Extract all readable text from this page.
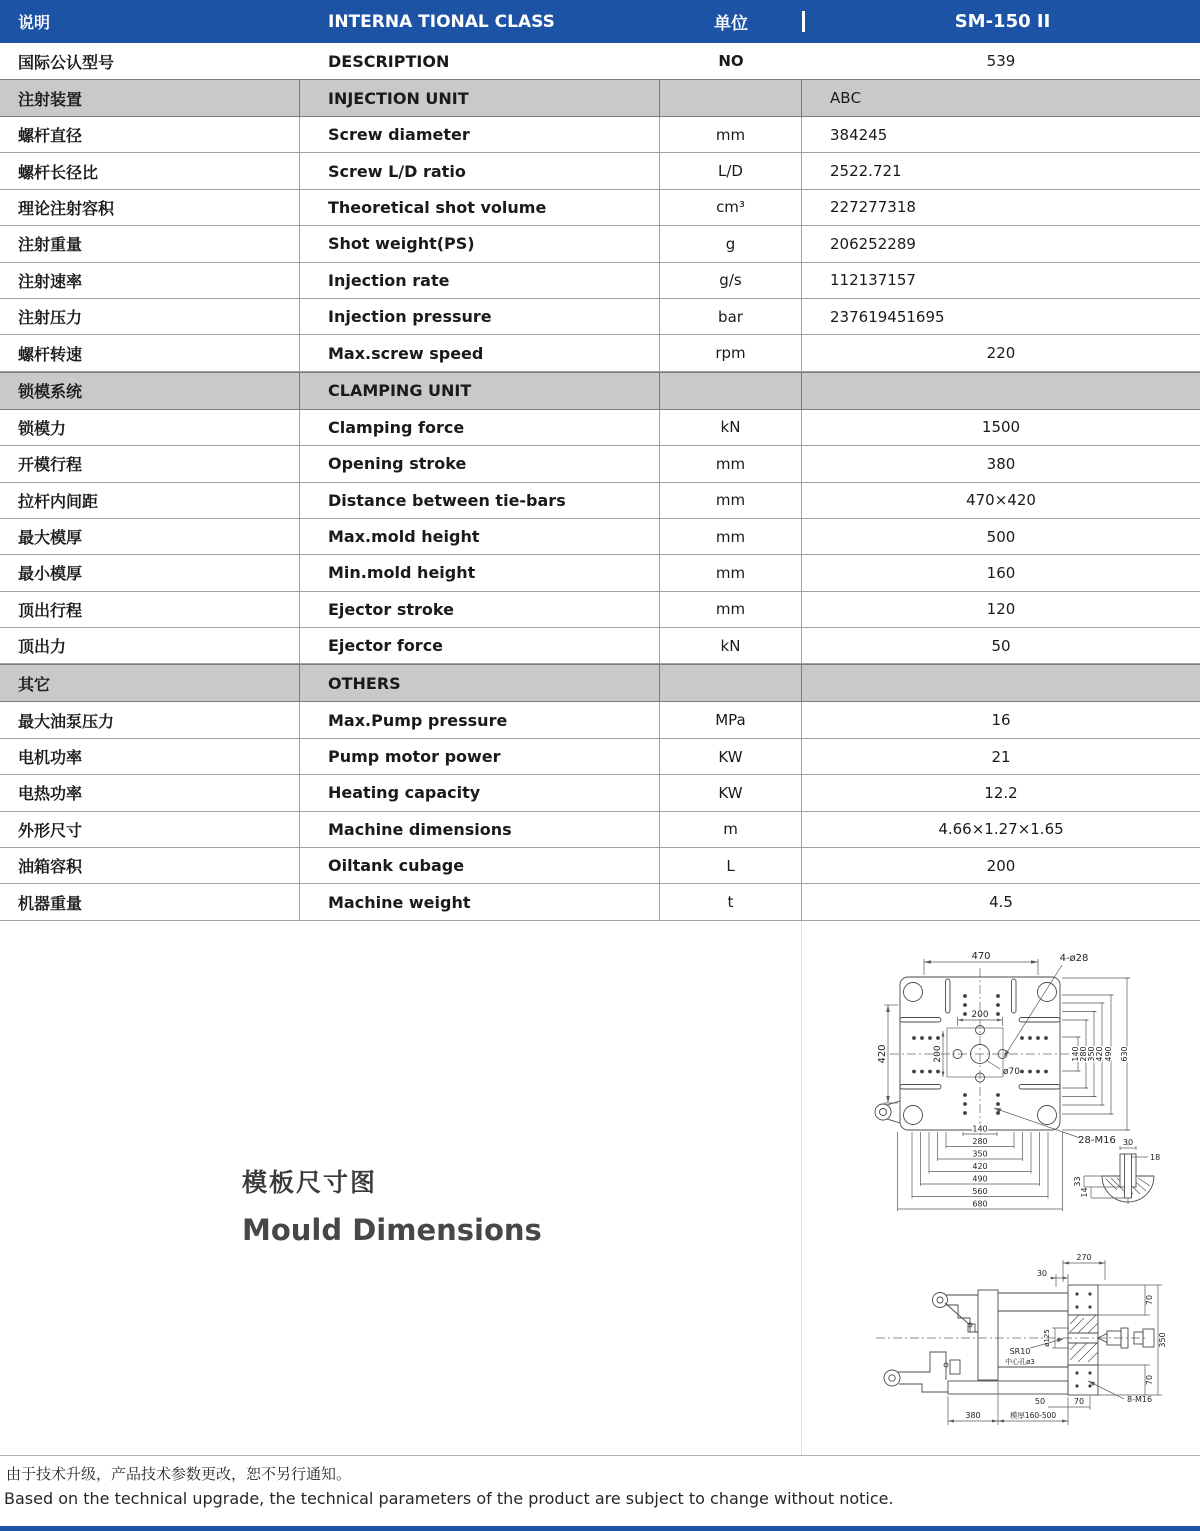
说明	INTERNA TIONAL CLASS	单位	SM-150 II
国际公认型号	DESCRIPTION	NO	539
注射装置	INJECTION UNIT	A B C
螺杆直径	Screw diameter	mm	38 42 45
螺杆长径比	Screw L/D ratio	L/D	25 22.7 21
理论注射容积	Theoretical shot volume	cm³	227 277 318
注射重量	Shot weight(PS)	g	206 252 289
注射速率	Injection rate	g/s	112 137 157
注射压力	Injection pressure	bar	2376 1945 1695
螺杆转速	Max.screw speed	rpm	220
锁模系统	CLAMPING UNIT
锁模力	Clamping force	kN	1500
开模行程	Opening stroke	mm	380
拉杆内间距	Distance between tie-bars	mm	470×420
最大模厚	Max.mold height	mm	500
最小模厚	Min.mold height	mm	160
顶出行程	Ejector stroke	mm	120
顶出力	Ejector force	kN	50
其它	OTHERS
最大油泵压力	Max.Pump pressure	MPa	16
电机功率	Pump motor power	KW	21
电热功率	Heating capacity	KW	12.2
外形尺寸	Machine dimensions	m	4.66×1.27×1.65
油箱容积	Oiltank cubage	L	200
机器重量	Machine weight	t	4.5
模板尺寸图
Mould Dimensions
470	4-ø28
420
200
200
ø70
140 280 350 420 490 630
140
280
350
420
490
560
680
28-M16 30
18
33
14
270
30
70
350
70
SR10
中心孔ø3
ø125
380	模厚160-500
50	70	8-M16
由于技术升级，产品技术参数更改，恕不另行通知。
Based on the technical upgrade, the technical parameters of the product are subject to change without notice.
